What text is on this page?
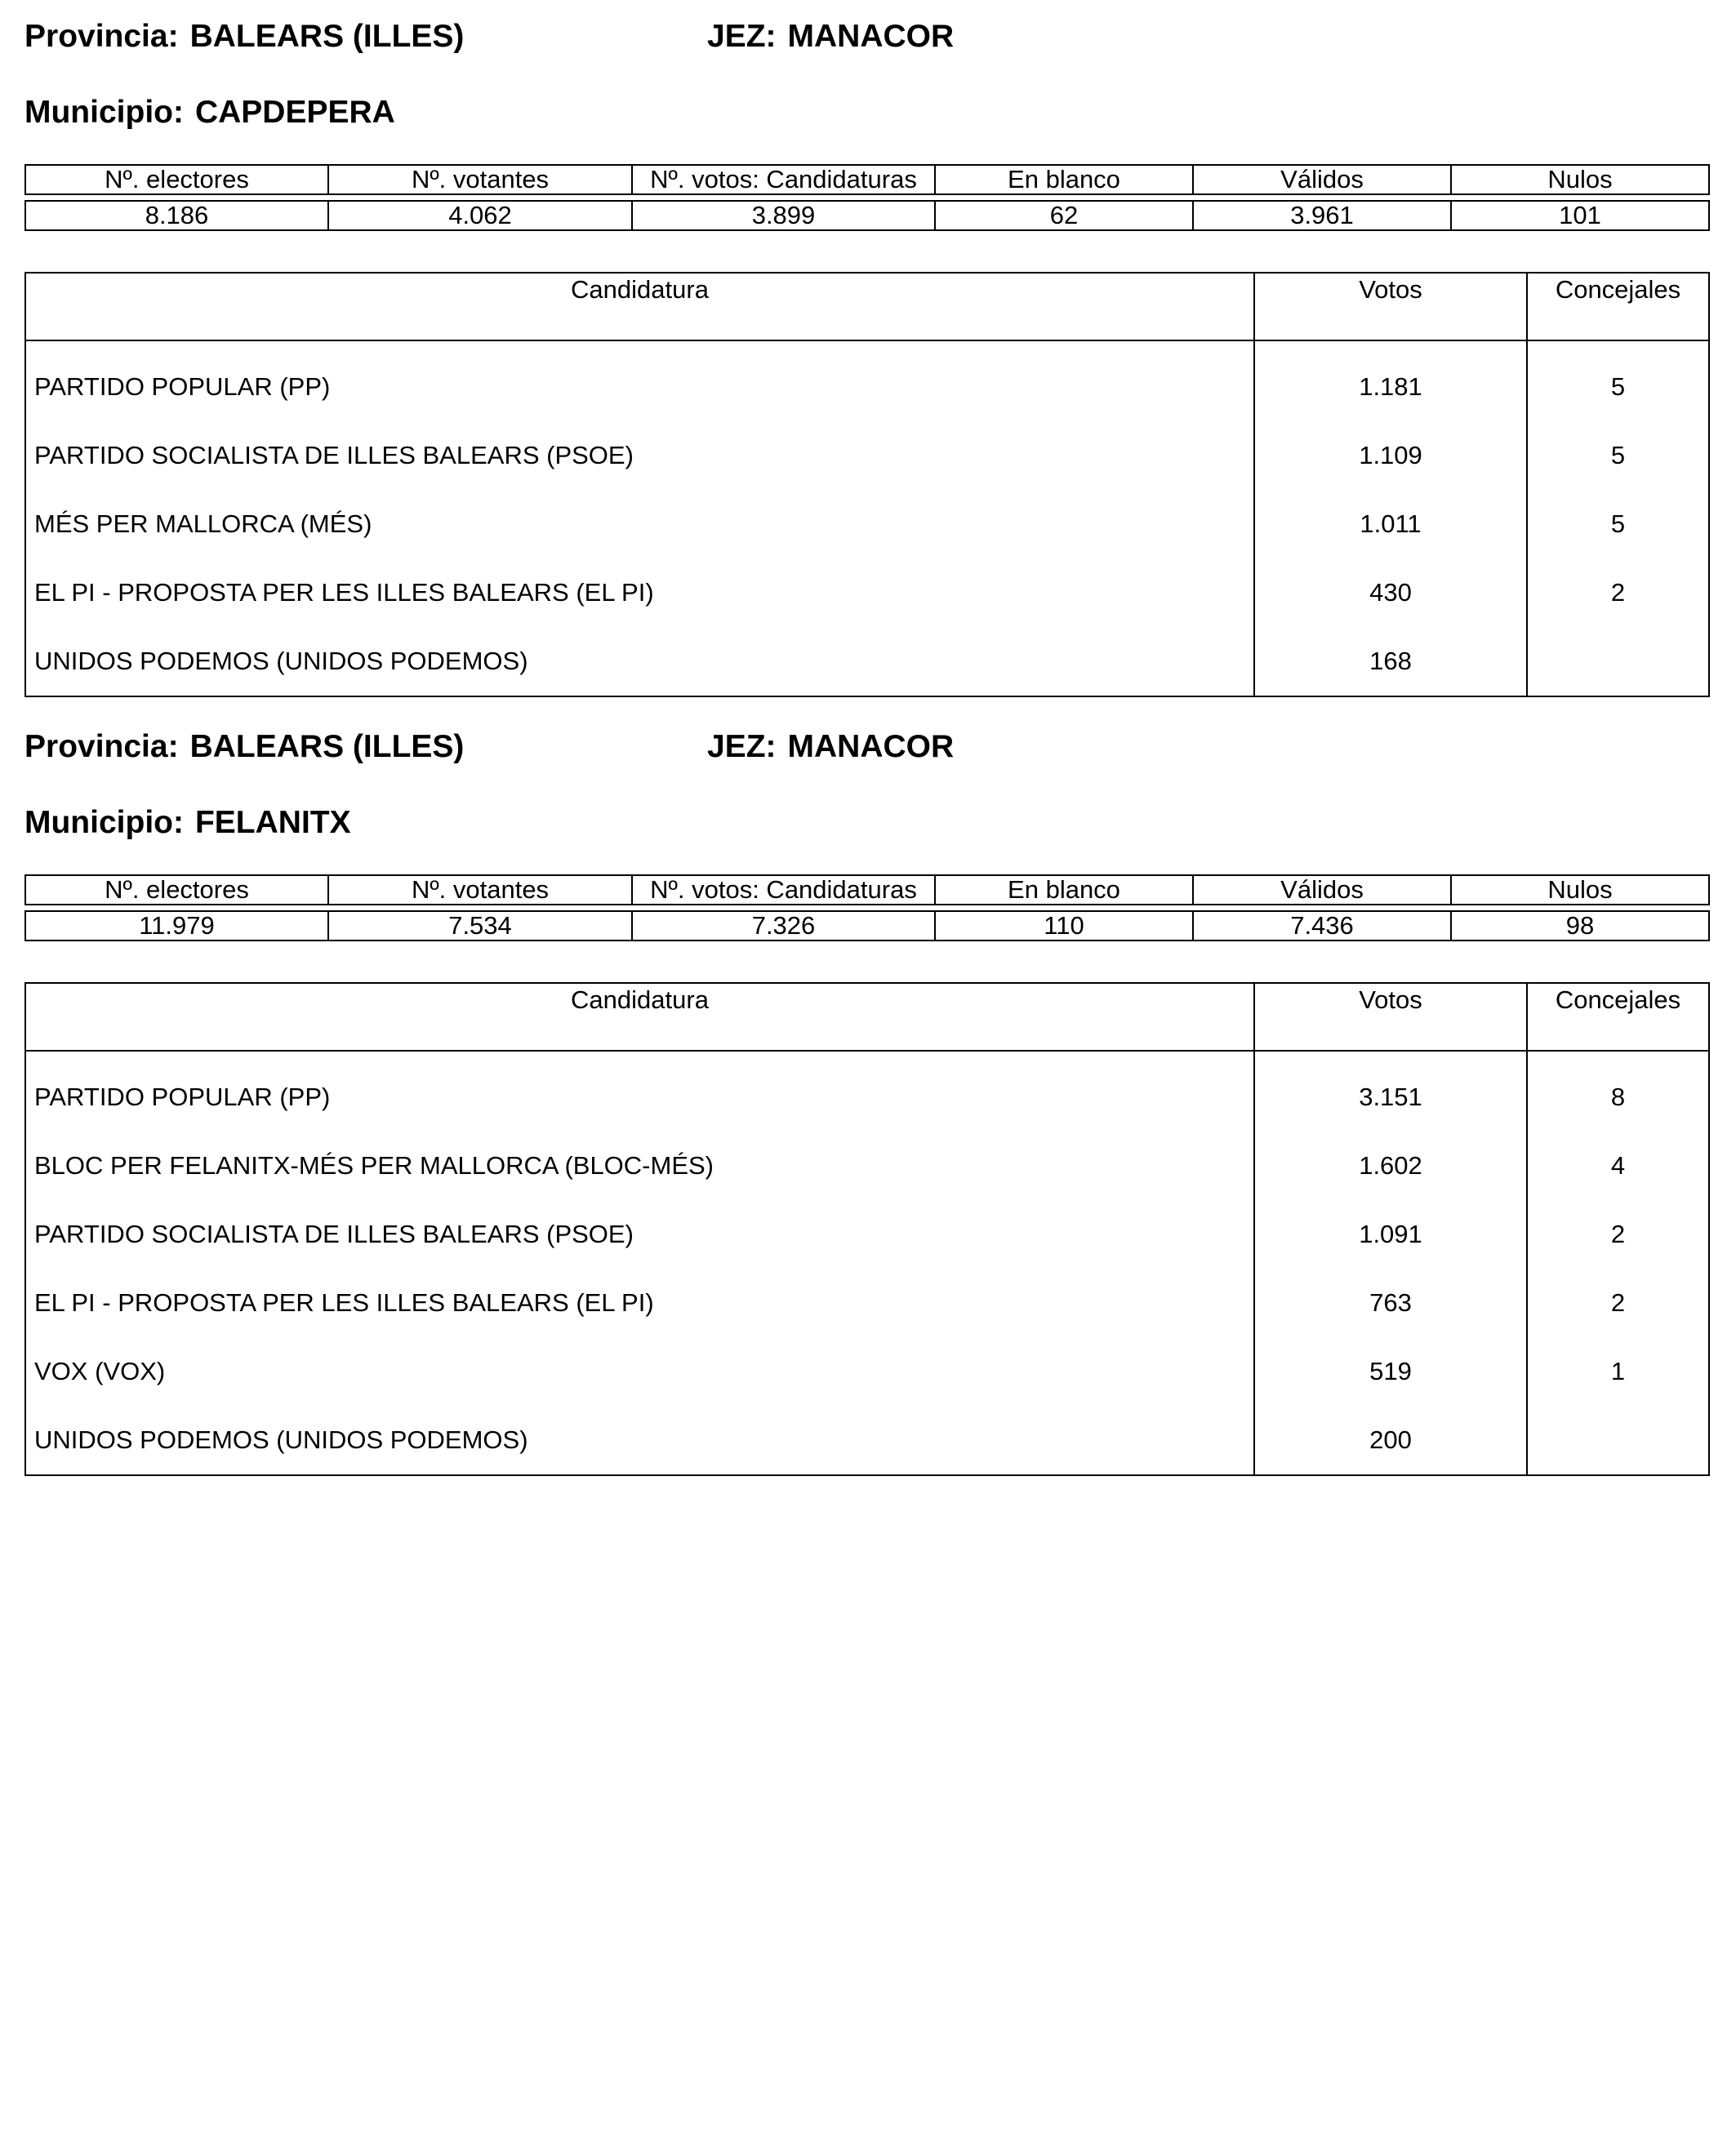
Provincia: BALEARS (ILLES)	JEZ: MANACOR
Municipio: CAPDEPERA
Nº. electores	Nº. votantes	Nº. votos: Candidaturas	En blanco	Válidos	Nulos

8.186	4.062	3.899	62	3.961	101
Candidatura	Votos	Concejales
PARTIDO POPULAR (PP)	1.181	5
PARTIDO SOCIALISTA DE ILLES BALEARS (PSOE)	1.109	5
MÉS PER MALLORCA (MÉS)	1.011	5
EL PI - PROPOSTA PER LES ILLES BALEARS (EL PI)	430	2
UNIDOS PODEMOS (UNIDOS PODEMOS)	168	
Provincia: BALEARS (ILLES)	JEZ: MANACOR
Municipio: FELANITX
Nº. electores	Nº. votantes	Nº. votos: Candidaturas	En blanco	Válidos	Nulos

11.979	7.534	7.326	110	7.436	98
Candidatura	Votos	Concejales
PARTIDO POPULAR (PP)	3.151	8
BLOC PER FELANITX-MÉS PER MALLORCA (BLOC-MÉS)	1.602	4
PARTIDO SOCIALISTA DE ILLES BALEARS (PSOE)	1.091	2
EL PI - PROPOSTA PER LES ILLES BALEARS (EL PI)	763	2
VOX (VOX)	519	1
UNIDOS PODEMOS (UNIDOS PODEMOS)	200	
